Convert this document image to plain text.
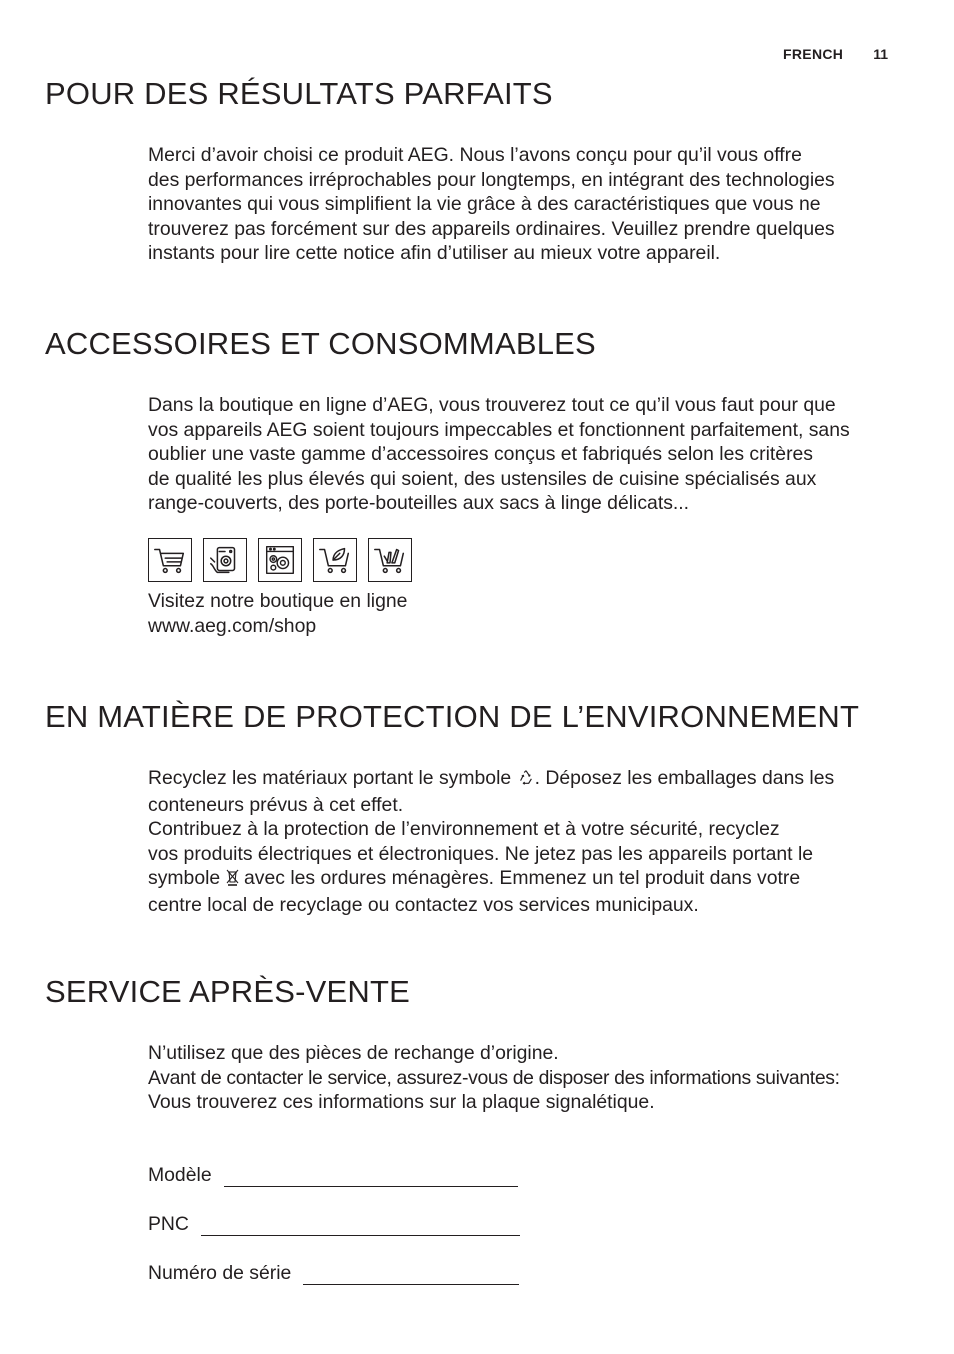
FRENCH 11
POUR DES RÉSULTATS PARFAITS

Merci d’avoir choisi ce produit AEG. Nous l’avons conçu pour qu’il vous offre

des performances irréprochables pour longtemps, en intégrant des technologies

innovantes qui vous simplifient la vie grâce à des caractéristiques que vous ne

trouverez pas forcément sur des appareils ordinaires. Veuillez prendre quelques

instants pour lire cette notice afin d’utiliser au mieux votre appareil.

ACCESSOIRES ET CONSOMMABLES

Dans la boutique en ligne d’AEG, vous trouverez tout ce qu’il vous faut pour que

vos appareils AEG soient toujours impeccables et fonctionnent parfaitement, sans

oublier une vaste gamme d’accessoires conçus et fabriqués selon les critères

de qualité les plus élevés qui soient, des ustensiles de cuisine spécialisés aux

range-couverts, des porte-bouteilles aux sacs à linge délicats...

Visitez notre boutique en ligne

www.aeg.com/shop

EN MATIÈRE DE PROTECTION DE L’ENVIRONNEMENT

Recyclez les matériaux portant le symbole . Déposez les emballages dans les

conteneurs prévus à cet effet.

Contribuez à la protection de l’environnement et à votre sécurité, recyclez

vos produits électriques et électroniques. Ne jetez pas les appareils portant le

symbole  avec les ordures ménagères. Emmenez un tel produit dans votre

centre local de recyclage ou contactez vos services municipaux.

SERVICE APRÈS-VENTE

N’utilisez que des pièces de rechange d’origine.

Avant de contacter le service, assurez-vous de disposer des informations suivantes:

Vous trouverez ces informations sur la plaque signalétique.

Modèle
PNC
Numéro de série
